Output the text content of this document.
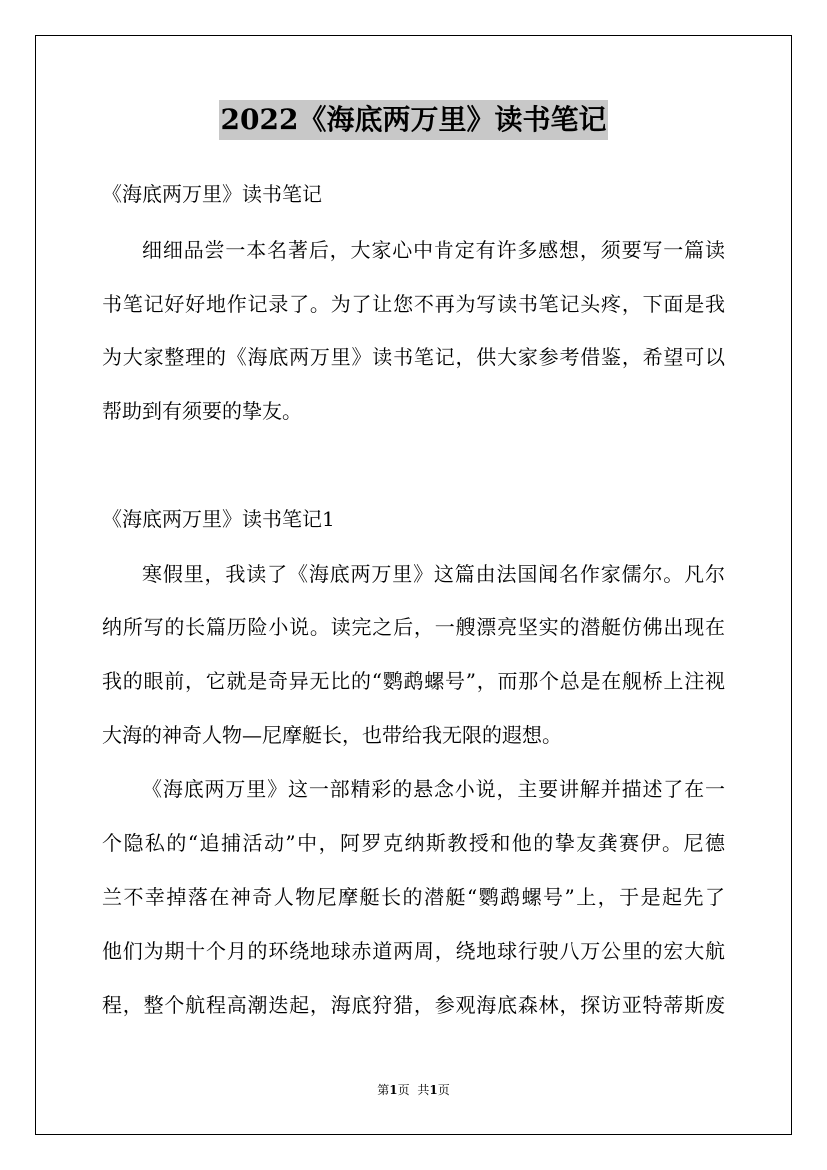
2022《海底两万里》读书笔记
《海底两万里》读书笔记
细细品尝一本名著后，大家心中肯定有许多感想，须要写一篇读
书笔记好好地作记录了。为了让您不再为写读书笔记头疼，下面是我
为大家整理的《海底两万里》读书笔记，供大家参考借鉴，希望可以
帮助到有须要的挚友。
《海底两万里》读书笔记1
寒假里，我读了《海底两万里》这篇由法国闻名作家儒尔。凡尔
纳所写的长篇历险小说。读完之后，一艘漂亮坚实的潜艇仿佛出现在
我的眼前，它就是奇异无比的“鹦鹉螺号”，而那个总是在舰桥上注视
大海的神奇人物—尼摩艇长，也带给我无限的遐想。
《海底两万里》这一部精彩的悬念小说，主要讲解并描述了在一
个隐私的“追捕活动”中，阿罗克纳斯教授和他的挚友龚赛伊。尼德
兰不幸掉落在神奇人物尼摩艇长的潜艇“鹦鹉螺号”上，于是起先了
他们为期十个月的环绕地球赤道两周，绕地球行驶八万公里的宏大航
程，整个航程高潮迭起，海底狩猎，参观海底森林，探访亚特蒂斯废
第1页 共1页
